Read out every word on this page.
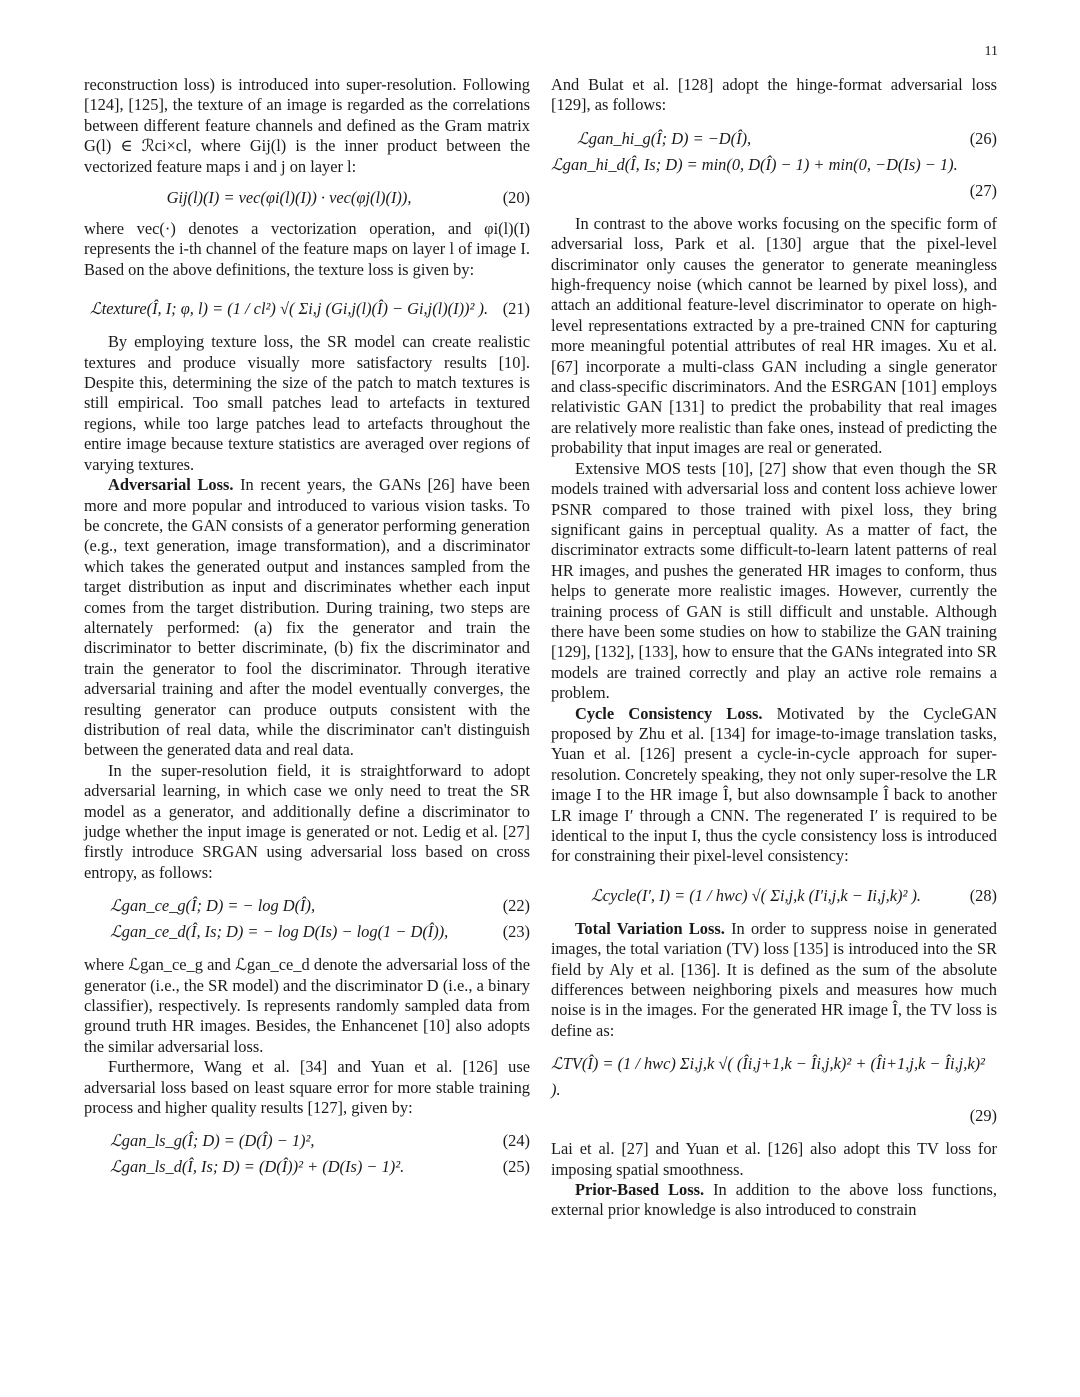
11

reconstruction loss) is introduced into super-resolution. Following [124], [125], the texture of an image is regarded as the correlations between different feature channels and defined as the Gram matrix G(l) ∈ ℛci×cl, where Gij(l) is the inner product between the vectorized feature maps i and j on layer l:

Gij(l)(I) = vec(φi(l)(I)) · vec(φj(l)(I)),	(20)

where vec(·) denotes a vectorization operation, and φi(l)(I) represents the i-th channel of the feature maps on layer l of image I. Based on the above definitions, the texture loss is given by:

ℒtexture(Î, I; φ, l) = (1 / cl²) √( Σi,j (Gi,j(l)(Î) − Gi,j(l)(I))² ). (21)

By employing texture loss, the SR model can create realistic textures and produce visually more satisfactory results [10]. Despite this, determining the size of the patch to match textures is still empirical. Too small patches lead to artefacts in textured regions, while too large patches lead to artefacts throughout the entire image because texture statistics are averaged over regions of varying textures.

Adversarial Loss. In recent years, the GANs [26] have been more and more popular and introduced to various vision tasks. To be concrete, the GAN consists of a generator performing generation (e.g., text generation, image transformation), and a discriminator which takes the generated output and instances sampled from the target distribution as input and discriminates whether each input comes from the target distribution. During training, two steps are alternately performed: (a) fix the generator and train the discriminator to better discriminate, (b) fix the discriminator and train the generator to fool the discriminator. Through iterative adversarial training and after the model eventually converges, the resulting generator can produce outputs consistent with the distribution of real data, while the discriminator can't distinguish between the generated data and real data.

In the super-resolution field, it is straightforward to adopt adversarial learning, in which case we only need to treat the SR model as a generator, and additionally define a discriminator to judge whether the input image is generated or not. Ledig et al. [27] firstly introduce SRGAN using adversarial loss based on cross entropy, as follows:

ℒgan_ce_g(Î; D) = − log D(Î),	(22)
ℒgan_ce_d(Î, Is; D) = − log D(Is) − log(1 − D(Î)),	(23)

where ℒgan_ce_g and ℒgan_ce_d denote the adversarial loss of the generator (i.e., the SR model) and the discriminator D (i.e., a binary classifier), respectively. Is represents randomly sampled data from ground truth HR images. Besides, the Enhancenet [10] also adopts the similar adversarial loss.

Furthermore, Wang et al. [34] and Yuan et al. [126] use adversarial loss based on least square error for more stable training process and higher quality results [127], given by:

ℒgan_ls_g(Î; D) = (D(Î) − 1)²,	(24)
ℒgan_ls_d(Î, Is; D) = (D(Î))² + (D(Is) − 1)².	(25)

And Bulat et al. [128] adopt the hinge-format adversarial loss [129], as follows:

ℒgan_hi_g(Î; D) = −D(Î),	(26)
ℒgan_hi_d(Î, Is; D) = min(0, D(Î) − 1) + min(0, −D(Is) − 1).
(27)

In contrast to the above works focusing on the specific form of adversarial loss, Park et al. [130] argue that the pixel-level discriminator only causes the generator to generate meaningless high-frequency noise (which cannot be learned by pixel loss), and attach an additional feature-level discriminator to operate on high-level representations extracted by a pre-trained CNN for capturing more meaningful potential attributes of real HR images. Xu et al. [67] incorporate a multi-class GAN including a single generator and class-specific discriminators. And the ESRGAN [101] employs relativistic GAN [131] to predict the probability that real images are relatively more realistic than fake ones, instead of predicting the probability that input images are real or generated.

Extensive MOS tests [10], [27] show that even though the SR models trained with adversarial loss and content loss achieve lower PSNR compared to those trained with pixel loss, they bring significant gains in perceptual quality. As a matter of fact, the discriminator extracts some difficult-to-learn latent patterns of real HR images, and pushes the generated HR images to conform, thus helps to generate more realistic images. However, currently the training process of GAN is still difficult and unstable. Although there have been some studies on how to stabilize the GAN training [129], [132], [133], how to ensure that the GANs integrated into SR models are trained correctly and play an active role remains a problem.

Cycle Consistency Loss. Motivated by the CycleGAN proposed by Zhu et al. [134] for image-to-image translation tasks, Yuan et al. [126] present a cycle-in-cycle approach for super-resolution. Concretely speaking, they not only super-resolve the LR image I to the HR image Î, but also downsample Î back to another LR image I′ through a CNN. The regenerated I′ is required to be identical to the input I, thus the cycle consistency loss is introduced for constraining their pixel-level consistency:

ℒcycle(I′, I) = (1 / hwc) √( Σi,j,k (I′i,j,k − Ii,j,k)² ).	(28)

Total Variation Loss. In order to suppress noise in generated images, the total variation (TV) loss [135] is introduced into the SR field by Aly et al. [136]. It is defined as the sum of the absolute differences between neighboring pixels and measures how much noise is in the images. For the generated HR image Î, the TV loss is define as:

ℒTV(Î) = (1 / hwc) Σi,j,k √( (Îi,j+1,k − Îi,j,k)² + (Îi+1,j,k − Îi,j,k)² ).
(29)

Lai et al. [27] and Yuan et al. [126] also adopt this TV loss for imposing spatial smoothness.

Prior-Based Loss. In addition to the above loss functions, external prior knowledge is also introduced to constrain
